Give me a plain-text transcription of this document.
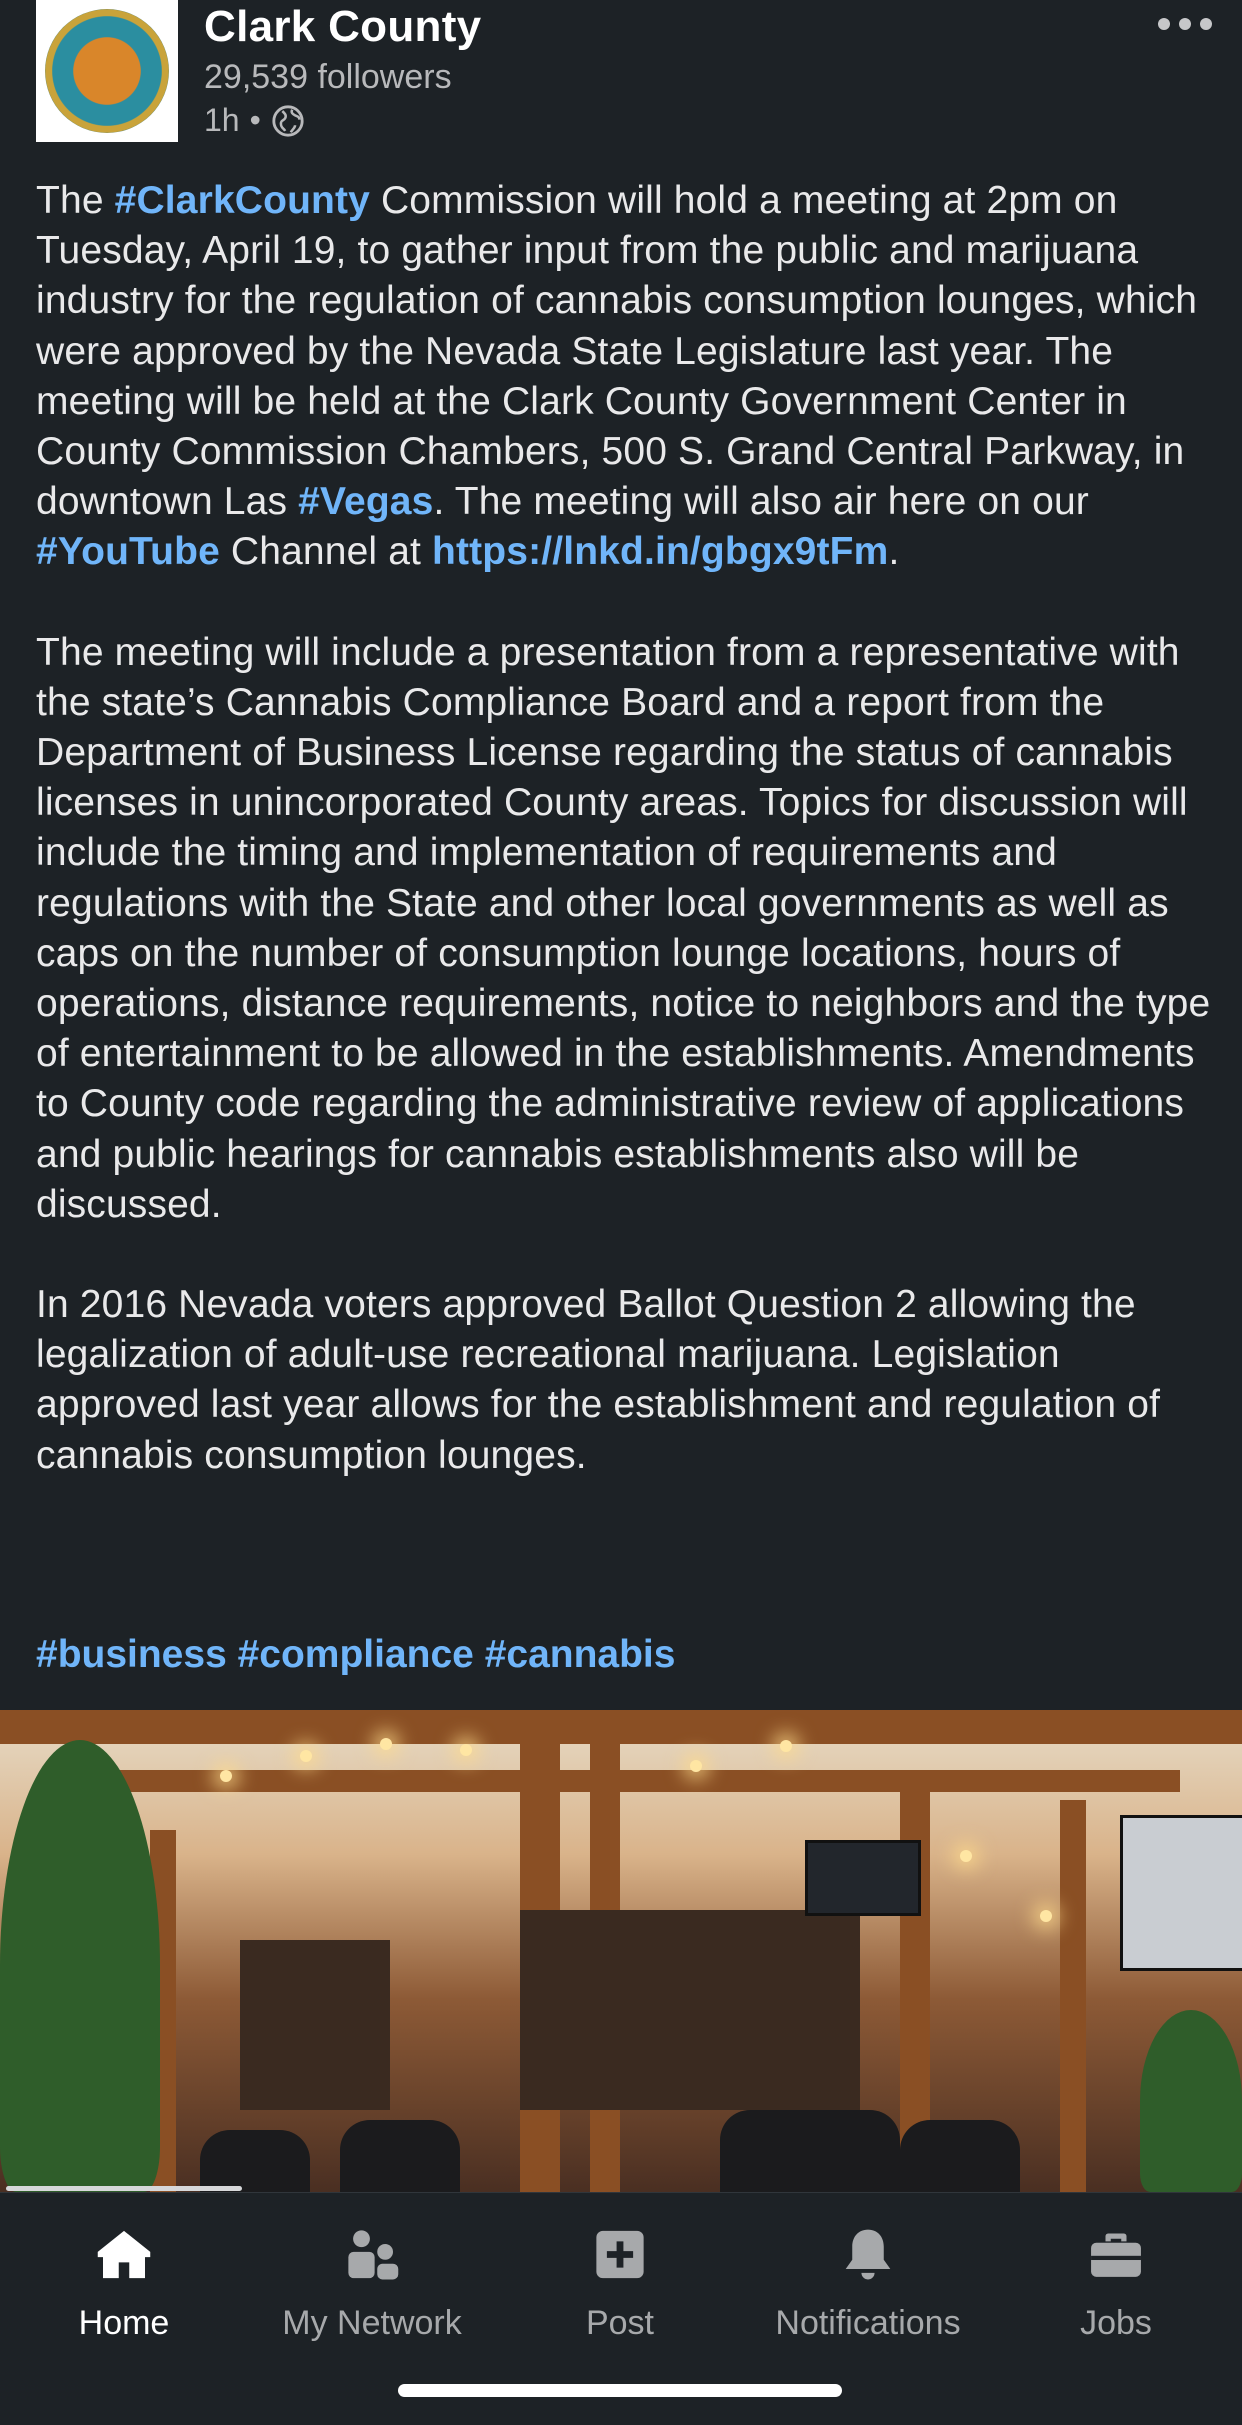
Clark County
29,539 followers
1h •

The #ClarkCounty Commission will hold a meeting at 2pm on Tuesday, April 19, to gather input from the public and marijuana industry for the regulation of cannabis consumption lounges, which were approved by the Nevada State Legislature last year. The meeting will be held at the Clark County Government Center in County Commission Chambers, 500 S. Grand Central Parkway, in downtown Las #Vegas. The meeting will also air here on our #YouTube Channel at https://lnkd.in/gbgx9tFm.

The meeting will include a presentation from a representative with the state’s Cannabis Compliance Board and a report from the Department of Business License regarding the status of cannabis licenses in unincorporated County areas. Topics for discussion will include the timing and implementation of requirements and regulations with the State and other local governments as well as caps on the number of consumption lounge locations, hours of operations, distance requirements, notice to neighbors and the type of entertainment to be allowed in the establishments. Amendments to County code regarding the administrative review of applications and public hearings for cannabis establishments also will be discussed.

In 2016 Nevada voters approved Ballot Question 2 allowing the legalization of adult-use recreational marijuana. Legislation approved last year allows for the establishment and regulation of cannabis consumption lounges.

#business #compliance #cannabis
Home	My Network	Post	Notifications	Jobs
